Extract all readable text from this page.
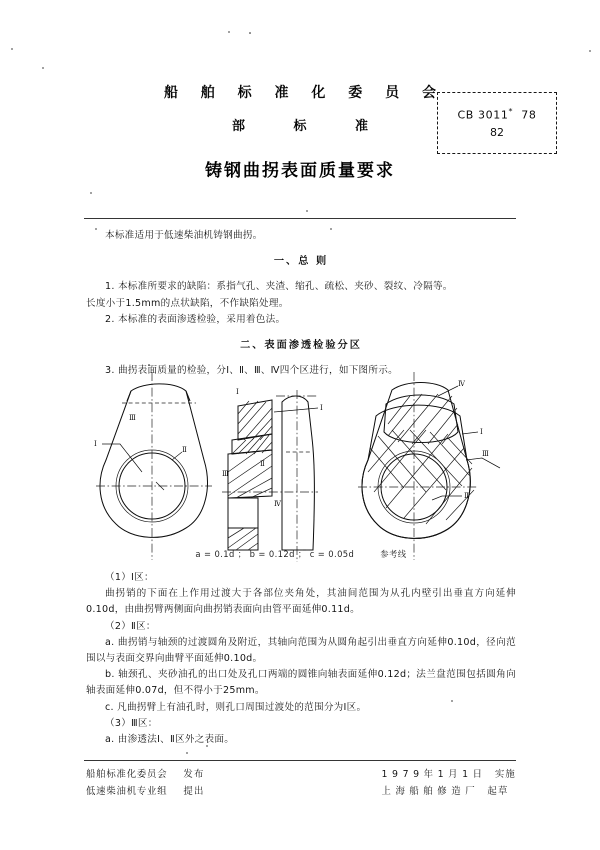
船 舶 标 准 化 委 员 会
部 标 准
铸钢曲拐表面质量要求
CB 3011* 78
82

本标准适用于低速柴油机铸钢曲拐。

一、总 则

1. 本标准所要求的缺陷：系指气孔、夹渣、缩孔、疏松、夹砂、裂纹、冷隔等。

长度小于1.5mm的点状缺陷，不作缺陷处理。

2. 本标准的表面渗透检验，采用着色法。

二、表面渗透检验分区

3. 曲拐表面质量的检验，分Ⅰ、Ⅱ、Ⅲ、Ⅳ四个区进行，如下图所示。

Ⅰ
Ⅱ
Ⅲ
Ⅰ
Ⅰ
Ⅱ
Ⅲ
Ⅳ
Ⅳ
Ⅰ
Ⅲ
Ⅱ
a = 0.1d ； b = 0.12d ； c = 0.05d	参考线

（1）Ⅰ区：

曲拐销的下面在上作用过渡大于各部位夹角处，其油间范围为从孔内壁引出垂直方向延伸0.10d，由曲拐臂两侧面向曲拐销表面向由管平面延伸0.11d。

（2）Ⅱ区：

a. 曲拐销与轴颈的过渡圆角及附近，其轴向范围为从圆角起引出垂直方向延伸0.10d，径向范围以与表面交界向曲臂平面延伸0.10d。

b. 轴颈孔、夹砂油孔的出口处及孔口两端的圆锥向轴表面延伸0.12d；法兰盘范围包括圆角向轴表面延伸0.07d，但不得小于25mm。

c. 凡曲拐臂上有油孔时，则孔口周围过渡处的范围分为Ⅰ区。

（3）Ⅲ区：

a. 由渗透法Ⅰ、Ⅱ区外之表面。

船舶标准化委员会 发布
低速柴油机专业组 提出
1 9 7 9 年 1 月 1 日 实施
上 海 船 舶 修 造 厂 起草
